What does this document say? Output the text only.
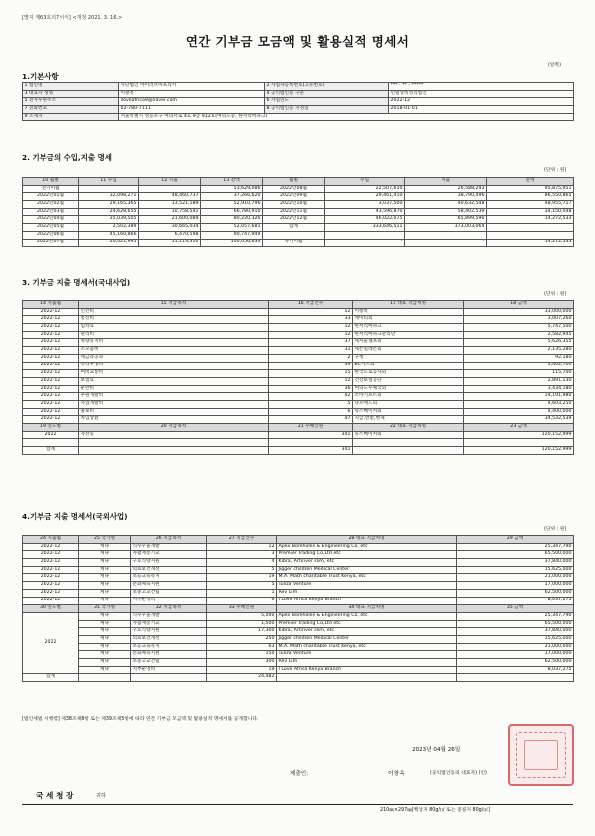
[별지 제63호의7서식] <개정 2021. 3. 16.>
연간 기부금 모금액 및 활용실적 명세서
(앞쪽)
1.기본사항
1 법인명	사단법인 아이러브아프리카	2 사업자등록번호(고유번호)	*** - ** - *****
3 대표자 성명	이창옥	4 공익법인등 구분	민법상비영리법인
5 전자우편주소	iloveafrica9@naver.com	6 사업연도	2022-12
7 전화번호	02-780-7111	8 공익법인등 지정일	2018-01-01
9 소재지	서울특별시 영등포구 여의서로 43, 9층 912호(여의도동, 한서리버파크)		
2. 기부금의 수입,지출 명세
(단위 : 원)
10 월별	11 수입	12 지출	13 잔액	월별	수입	지출	잔액
전기이월			53,629,086	2022년08월	22,507,610	26,588,293	95,875,951
2022년01월	32,098,271	48,460,737	37,266,620	2022년09월	29,461,410	38,790,496	86,550,865
2022년02월	29,165,365	13,521,189	52,910,796	2022년10월	3,037,500	40,632,548	48,955,717
2022년03월	24,628,655	10,758,541	66,780,910	2022년11월	43,596,870	58,402,539	34,150,048
2022년04월	35,039,505	21,600,089	80,220,326	2022년12월	46,022,075	65,899,590	14,272,533
2022년05월	2,502,389	30,665,034	52,057,681	합계	333,646,511	373,003,064	
2022년06월	45,160,866	6,470,598	90,747,949				
2022년07월	20,421,995	11,113,310	100,056,634	차기이월	-	-	14,272,533
3. 기부금 지출 명세서(국내사업)
(단위 : 원)
14 지출월	15 지급목적	16 지급건수	17 대표 지급처명	18 금액
2022-12	인건비	12	이창옥	33,000,000
2022-12	통신비	33	케이티외	3,007,260
2022-12	임차료	12	한서리버파크	5,747,500
2022-12	관리비	12	한서리버파크관리단	2,582,945
2022-12	차량유지비	37	세서울셀프외	5,626,355
2022-12	소모품비	31	세븐일레븐외	2,135,280
2022-12	세금과공과	2	구청	92,180
2022-12	복리후생비	39	BC카드외	3,462,700
2022-12	여비교통비	15	한국도로공사외	115,700
2022-12	보험료	12	건강보험공단	2,891,130
2022-12	운반비	36	여의도우체국외	3,434,180
2022-12	후원개발비	42	조아기프트외	14,191,980
2022-12	사업개발비	5	다모애드외	4,603,250
2022-12	홍보비	6	뉴스메이커외	4,400,000
2022-12	차입상환	47	지급,반환,변제	34,532,539
19 연도별	20 지급목적	21 수혜인원	22 대표 지급처명	23 금액
2022	자선등	341	뉴스메이커외	120,152,999

합계		341		120,152,999
4.기부금 지출 명세서(국외사업)
(단위 : 원)
24 지출월	25 국가명	26 지급목적	27 지급건수	28 대표 지급처명	29 금액
2022-12	케냐	식수우물개발	12	Apex Boreholes & Engineering Co, etc	25,347,790
2022-12	케냐	자활재봉기교	3	Premier Trading Co,Ltd etc	65,500,000
2022-12	케냐	구호식량지원	4	Kibra, Artiriver slim, etc	37,840,000
2022-12	케냐	의료보건개선	5	Jigger children Medical Center	15,625,000
2022-12	케냐	초등교육복지	19	M.A. Math charitable Trust Kenya, etc	21,000,000
2022-12	케냐	문화체육지원	5	Tuliza Venture	17,000,000
2022-12	케냐	초중고교건립	1	Rev Lim	62,500,000
2022-12	케냐	지부운영비	6	I Love Africa Kenya Branch	8,037,275
30 연도별	31 국가명	32 지급목적	33 수혜인원	34 대표 지급처명	35 금액
2022	케냐	식수우물개발	5,000	Apex Boreholes & Engineering Co, etc	25,347,790
	케냐	자활재봉기교	1,500	Premier Trading Co,Ltd etc	65,500,000
	케냐	구호식량지원	17,300	Kibra, Artiriver slim, etc	37,840,000
	케냐	의료보건개선	250	Jigger children Medical Center	15,625,000
	케냐	초등교육복지	63	M.A. Math charitable Trust Kenya, etc	21,000,000
	케냐	문화체육지원	150	Tuliza Venture	17,000,000
	케냐	초중고교건립	300	Rev Lim	62,500,000
	케냐	지부운영비	19	I Love Africa Kenya Branch	8,037,275
합계			24,482		
[법인세법 시행령] 제38조제8항 또는 제39조제5항에 따라 연간 기부금 모금액 및 활용실적 명세서를 공개합니다.
2023년 04월 26일
제출인:	이창옥	(공익법인등의 대표자) (인)
국 세 청 장	귀하
210㎜×297㎜[백상지 80g/㎡ 또는 중질지 80g/㎡]
